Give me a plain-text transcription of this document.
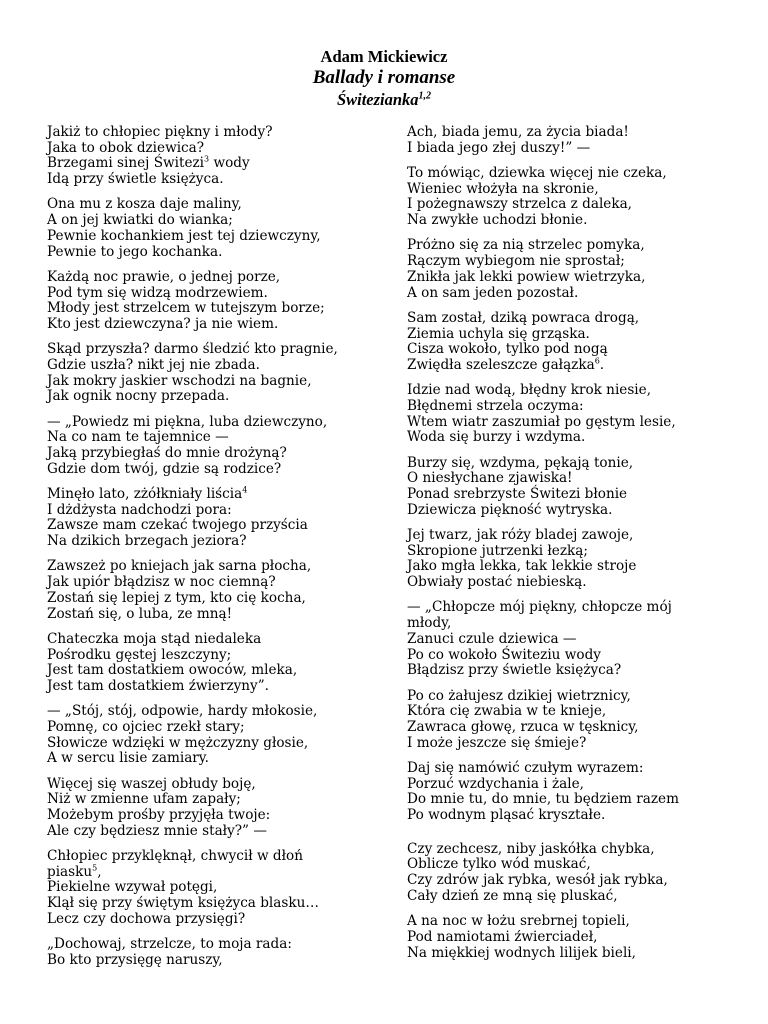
Adam Mickiewicz

Ballady i romanse

Świtezianka$^{1,2}$

Jakiż to chłopiec piękny i młody?
Jaka to obok dziewica?
Brzegami sinej Świtezi$^3$ wody
Idą przy świetle księżyca.
Ona mu z kosza daje maliny,
A on jej kwiatki do wianka;
Pewnie kochankiem jest tej dziewczyny,
Pewnie to jego kochanka.
Każdą noc prawie, o jednej porze,
Pod tym się widzą modrzewiem.
Młody jest strzelcem w tutejszym borze;
Kto jest dziewczyna? ja nie wiem.
Skąd przyszła? darmo śledzić kto pragnie,
Gdzie uszła? nikt jej nie zbada.
Jak mokry jaskier wschodzi na bagnie,
Jak ognik nocny przepada.
— „Powiedz mi piękna, luba dziewczyno,
Na co nam te tajemnice —
Jaką przybiegłaś do mnie drożyną?
Gdzie dom twój, gdzie są rodzice?
Minęło lato, zżółkniały liścia$^4$
I dżdżysta nadchodzi pora:
Zawsze mam czekać twojego przyścia
Na dzikich brzegach jeziora?
Zawszeż po kniejach jak sarna płocha,
Jak upiór błądzisz w noc ciemną?
Zostań się lepiej z tym, kto cię kocha,
Zostań się, o luba, ze mną!
Chateczka moja stąd niedaleka
Pośrodku gęstej leszczyny;
Jest tam dostatkiem owoców, mleka,
Jest tam dostatkiem źwierzyny”.
— „Stój, stój, odpowie, hardy młokosie,
Pomnę, co ojciec rzekł stary;
Słowicze wdzięki w mężczyzny głosie,
A w sercu lisie zamiary.
Więcej się waszej obłudy boję,
Niż w zmienne ufam zapały;
Możebym prośby przyjęła twoje:
Ale czy będziesz mnie stały?” —
Chłopiec przyklęknął, chwycił w dłoń
piasku$^5$,
Piekielne wzywał potęgi,
Klął się przy świętym księżyca blasku…
Lecz czy dochowa przysięgi?
„Dochowaj, strzelcze, to moja rada:
Bo kto przysięgę naruszy,
Ach, biada jemu, za życia biada!
I biada jego złej duszy!” —
To mówiąc, dziewka więcej nie czeka,
Wieniec włożyła na skronie,
I pożegnawszy strzelca z daleka,
Na zwykłe uchodzi błonie.
Próżno się za nią strzelec pomyka,
Rączym wybiegom nie sprostał;
Znikła jak lekki powiew wietrzyka,
A on sam jeden pozostał.
Sam został, dziką powraca drogą,
Ziemia uchyla się grząska.
Cisza wokoło, tylko pod nogą
Zwiędła szeleszcze gałązka$^6$.
Idzie nad wodą, błędny krok niesie,
Błędnemi strzela oczyma:
Wtem wiatr zaszumiał po gęstym lesie,
Woda się burzy i wzdyma.
Burzy się, wzdyma, pękają tonie,
O niesłychane zjawiska!
Ponad srebrzyste Świtezi błonie
Dziewicza piękność wytryska.
Jej twarz, jak róży bladej zawoje,
Skropione jutrzenki łezką;
Jako mgła lekka, tak lekkie stroje
Obwiały postać niebieską.
— „Chłopcze mój piękny, chłopcze mój
młody,
Zanuci czule dziewica —
Po co wokoło Świteziu wody
Błądzisz przy świetle księżyca?
Po co żałujesz dzikiej wietrznicy,
Która cię zwabia w te knieje,
Zawraca głowę, rzuca w tęsknicy,
I może jeszcze się śmieje?
Daj się namówić czułym wyrazem:
Porzuć wzdychania i żale,
Do mnie tu, do mnie, tu będziem razem
Po wodnym pląsać kryształe.
Czy zechcesz, niby jaskółka chybka,
Oblicze tylko wód muskać,
Czy zdrów jak rybka, wesół jak rybka,
Cały dzień ze mną się pluskać,
A na noc w łożu srebrnej topieli,
Pod namiotami źwierciadeł,
Na miękkiej wodnych lilijek bieli,
